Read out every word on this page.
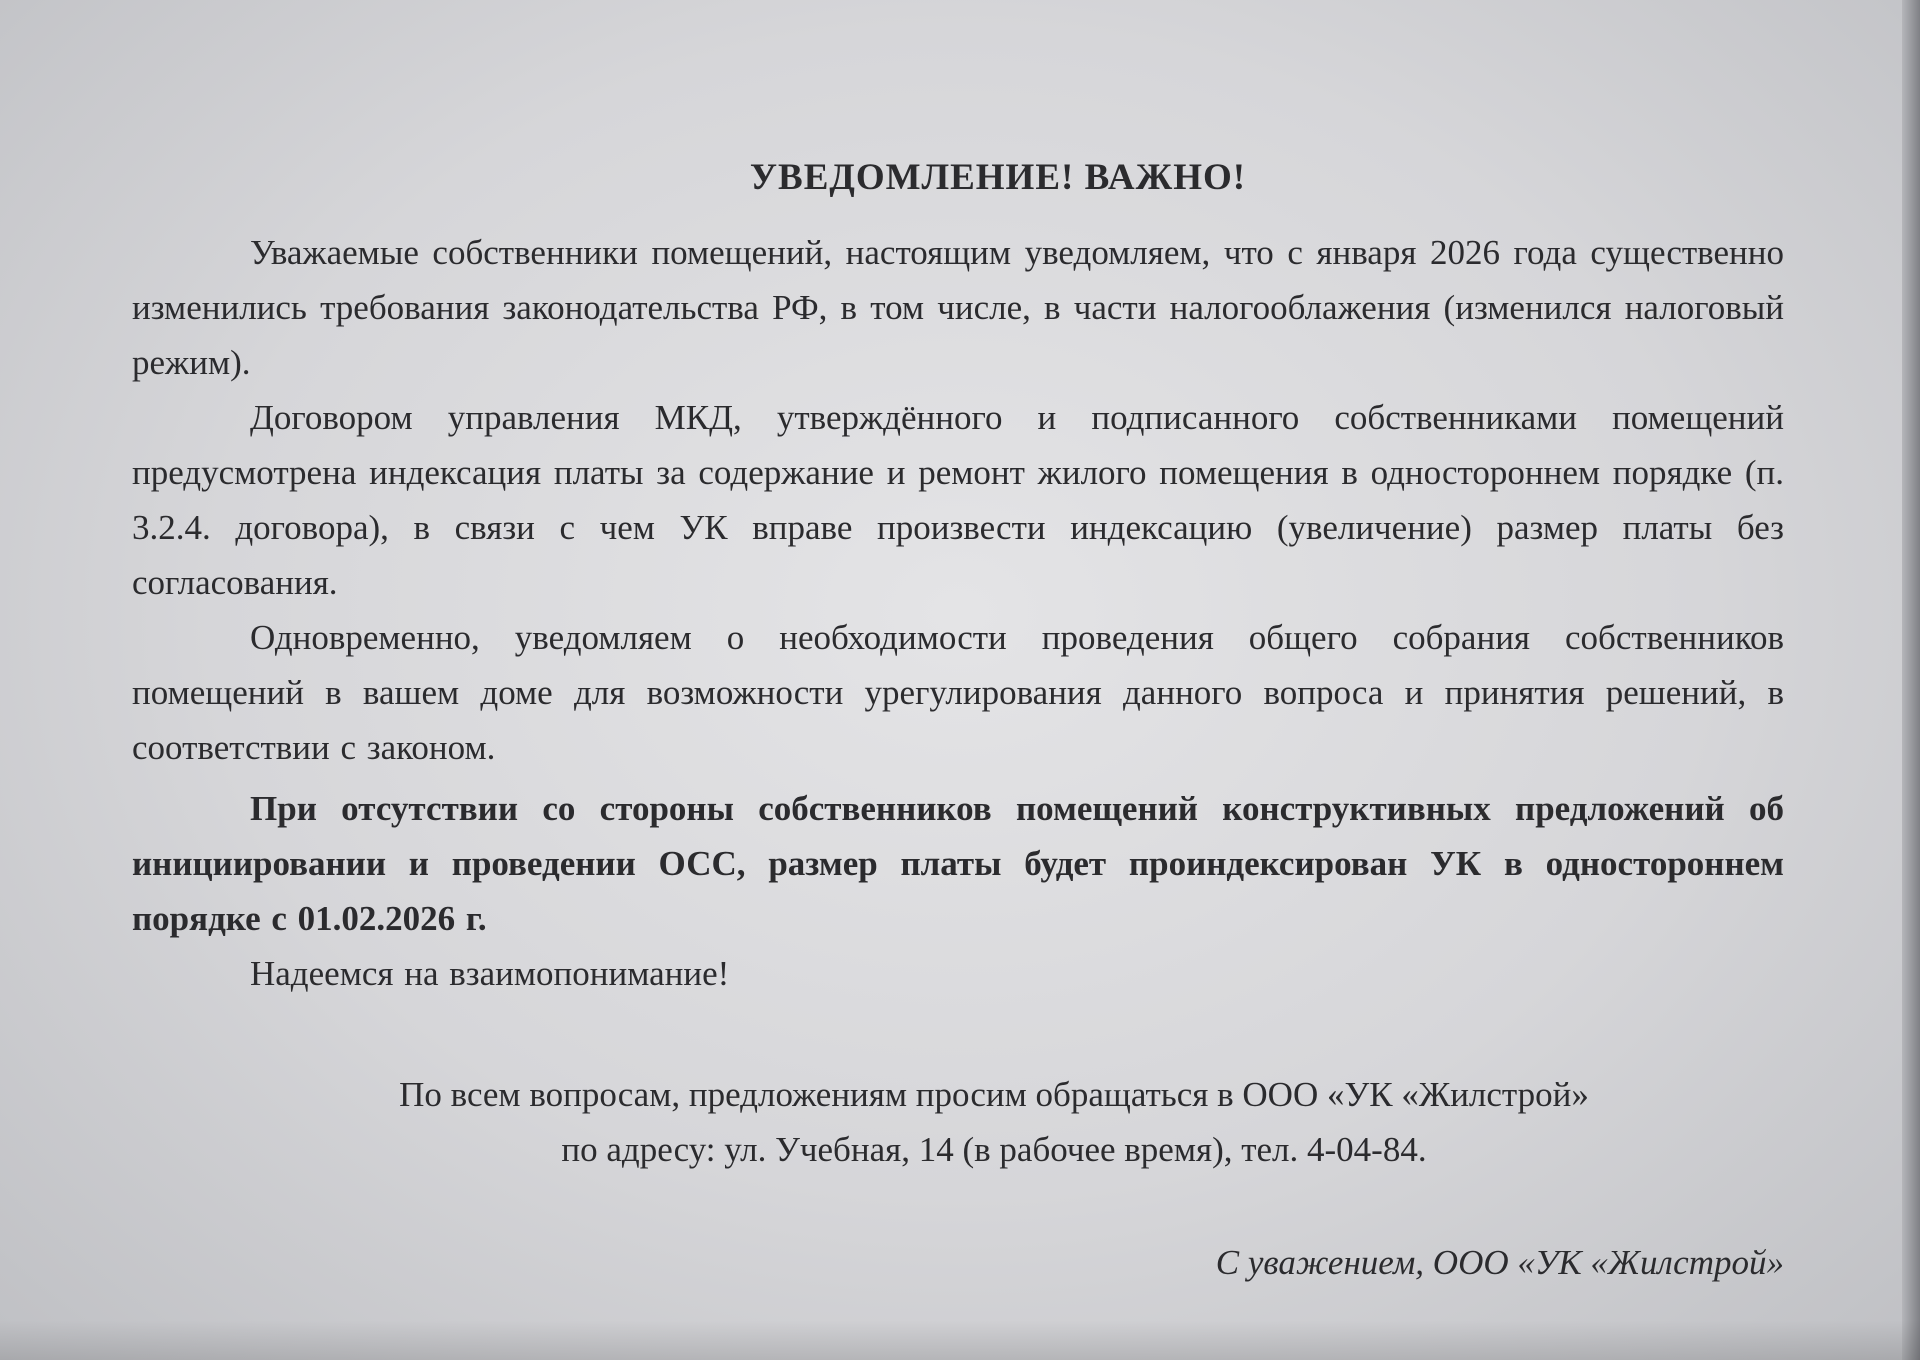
УВЕДОМЛЕНИЕ! ВАЖНО!

Уважаемые собственники помещений, настоящим уведомляем, что с января 2026 года существенно изменились требования законодательства РФ, в том числе, в части налогооблажения (изменился налоговый режим).

Договором управления МКД, утверждённого и подписанного собственниками помещений предусмотрена индексация платы за содержание и ремонт жилого помещения в одностороннем порядке (п. 3.2.4. договора), в связи с чем УК вправе произвести индексацию (увеличение) размер платы без согласования.

Одновременно, уведомляем о необходимости проведения общего собрания собственников помещений в вашем доме для возможности урегулирования данного вопроса и принятия решений, в соответствии с законом.

При отсутствии со стороны собственников помещений конструктивных предложений об инициировании и проведении ОСС, размер платы будет проиндексирован УК в одностороннем порядке с 01.02.2026 г.

Надеемся на взаимопонимание!

По всем вопросам, предложениям просим обращаться в ООО «УК «Жилстрой»
по адресу: ул. Учебная, 14 (в рабочее время), тел. 4-04-84.
С уважением, ООО «УК «Жилстрой»
